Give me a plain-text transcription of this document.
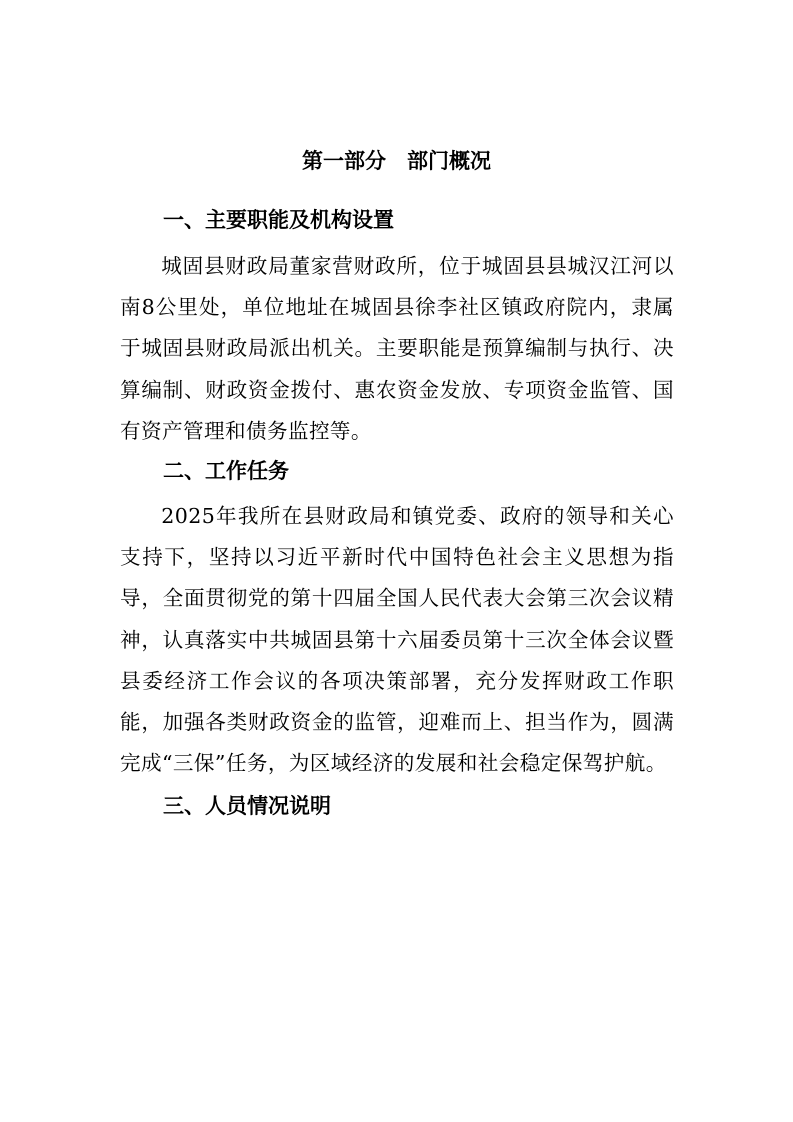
第一部分　部门概况
一、主要职能及机构设置
城固县财政局董家营财政所，位于城固县县城汉江河以南8公里处，单位地址在城固县徐李社区镇政府院内，隶属于城固县财政局派出机关。主要职能是预算编制与执行、决算编制、财政资金拨付、惠农资金发放、专项资金监管、国有资产管理和债务监控等。
二、工作任务
2025年我所在县财政局和镇党委、政府的领导和关心支持下，坚持以习近平新时代中国特色社会主义思想为指导，全面贯彻党的第十四届全国人民代表大会第三次会议精神，认真落实中共城固县第十六届委员第十三次全体会议暨县委经济工作会议的各项决策部署，充分发挥财政工作职能，加强各类财政资金的监管，迎难而上、担当作为，圆满完成“三保”任务，为区域经济的发展和社会稳定保驾护航。
三、人员情况说明
